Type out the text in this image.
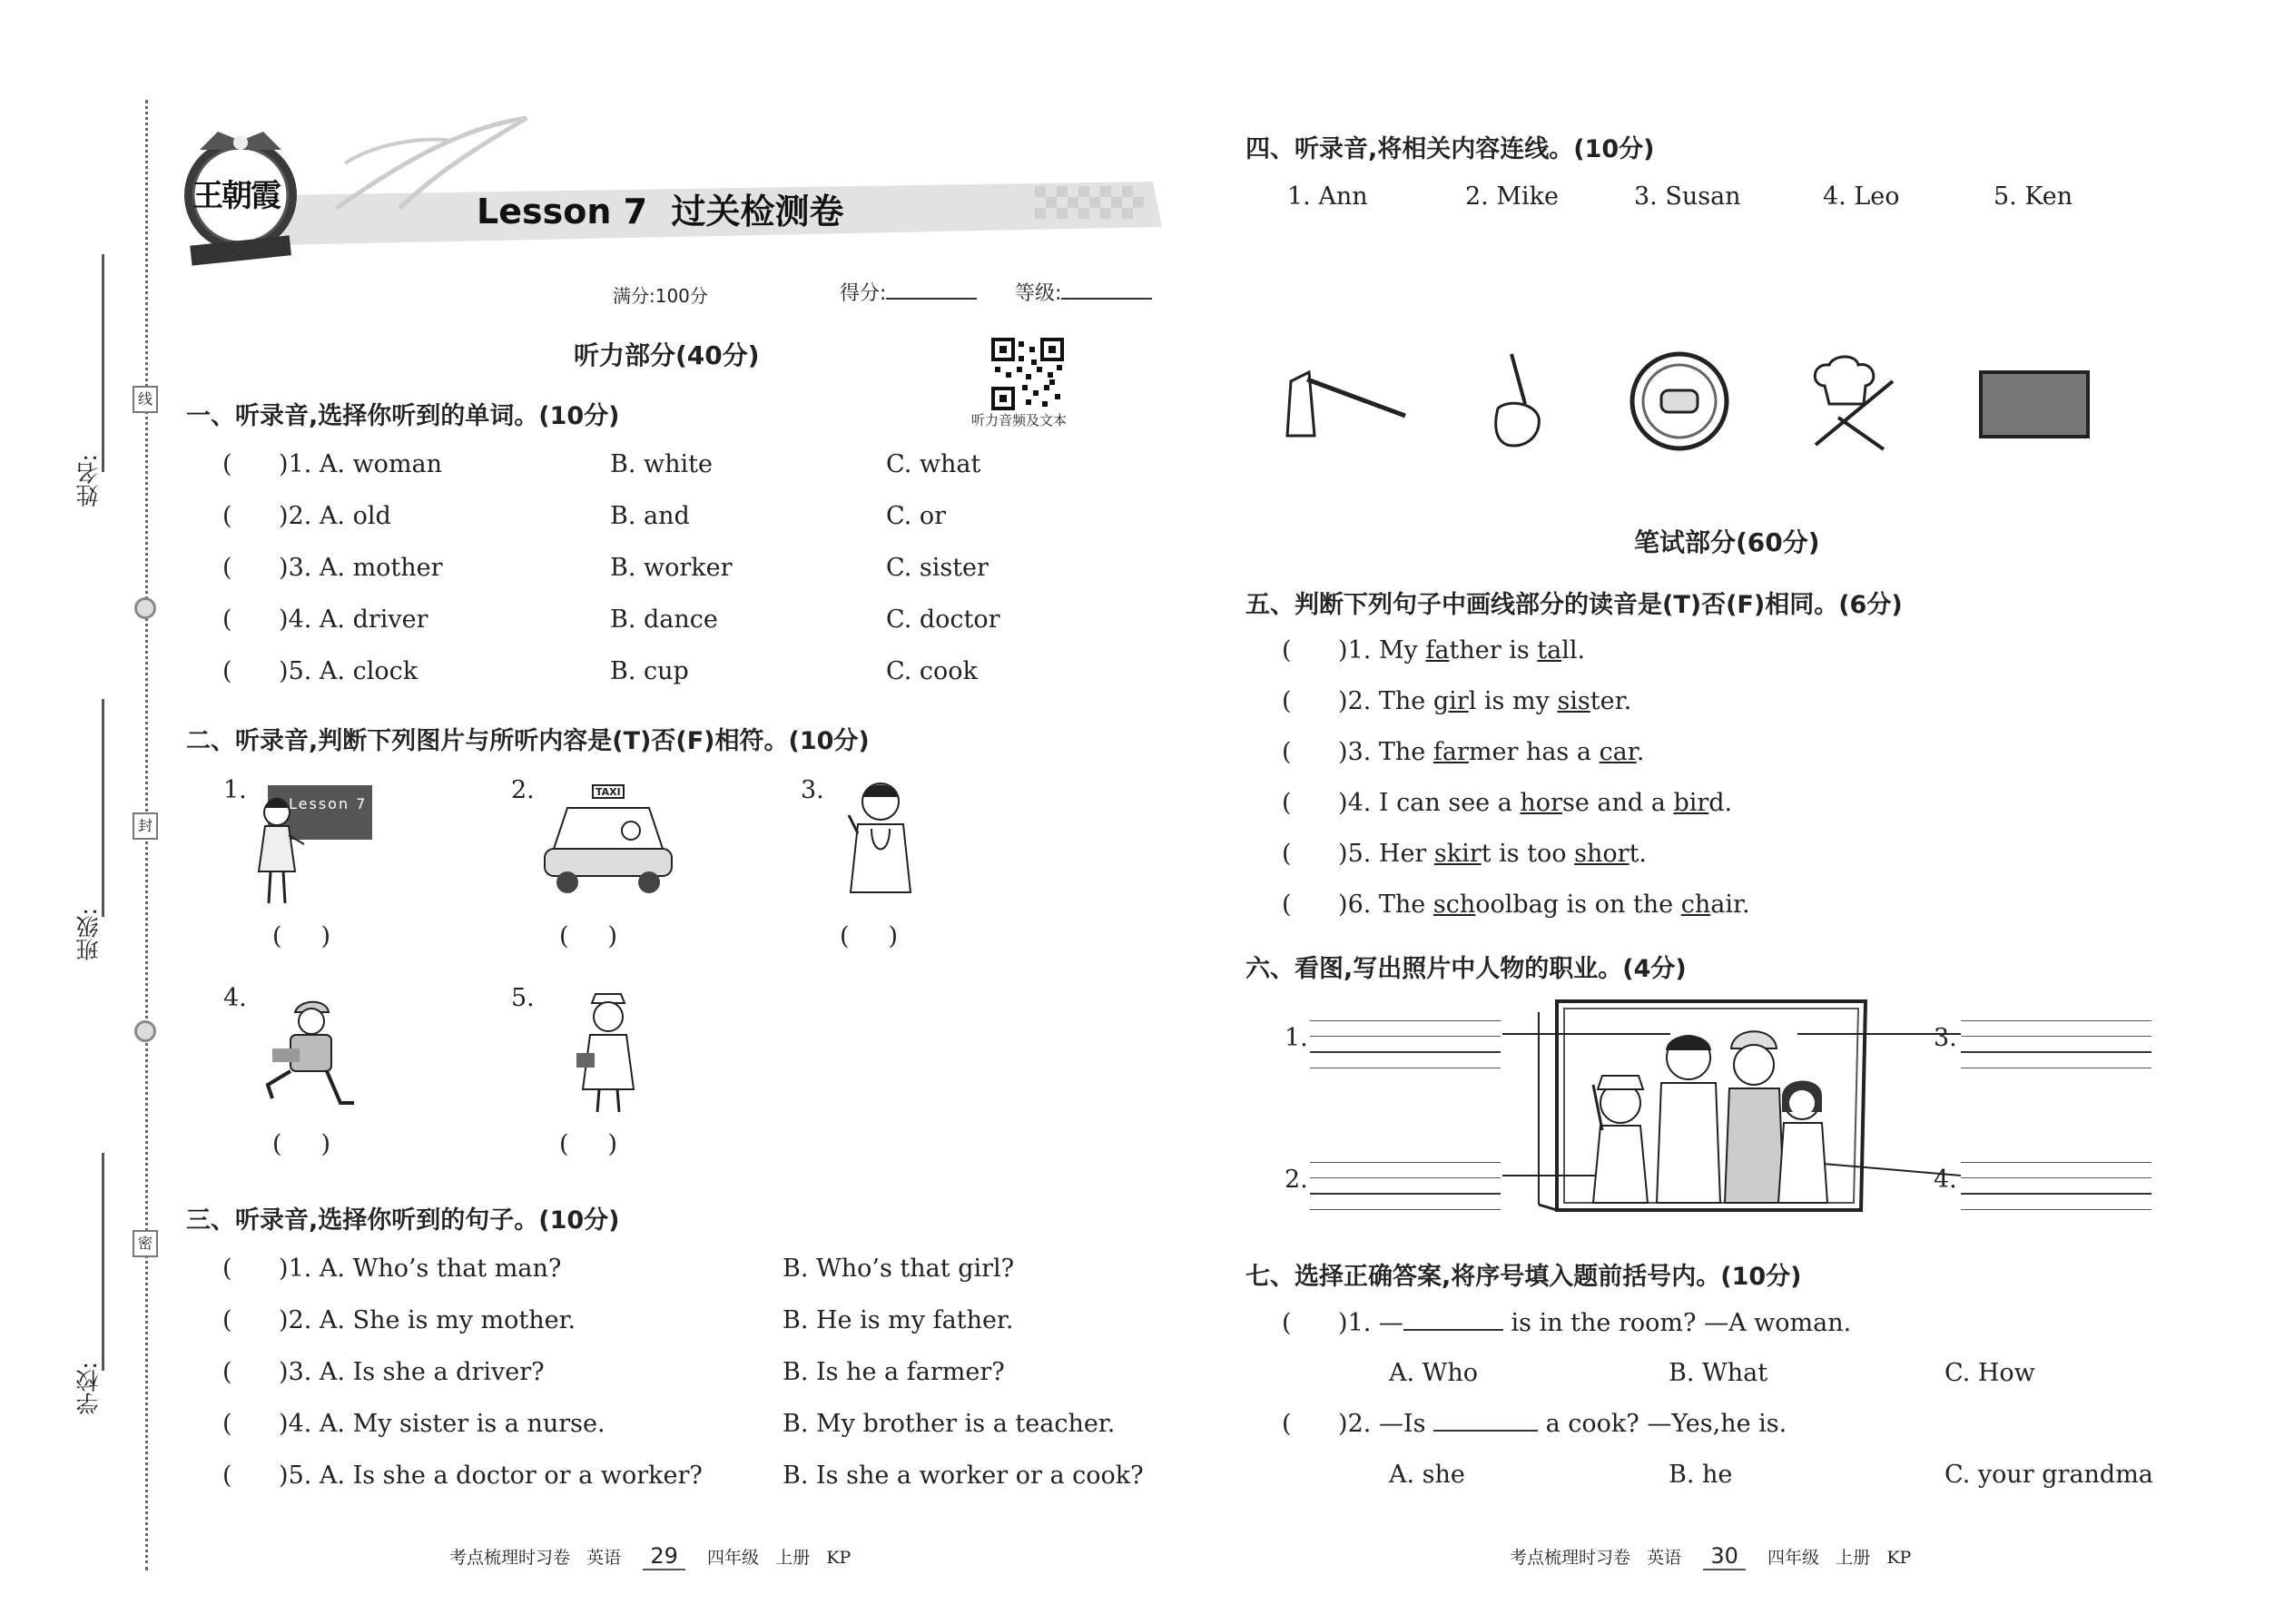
姓名:
班级:
学校:
线
封
密
王朝霞	Lesson 7  过关检测卷
满分:100分	得分:	等级:
听力音频及文本
听力部分(40分)
一、听录音,选择你听到的单词。(10分)
(      )1. A. woman	B. white	C. what
(      )2. A. old	B. and	C. or
(      )3. A. mother	B. worker	C. sister
(      )4. A. driver	B. dance	C. doctor
(      )5. A. clock	B. cup	C. cook
二、听录音,判断下列图片与所听内容是(T)否(F)相符。(10分)
1.	Lesson 7
(     )
2.	TAXI
(     )
3.
(     )
4.
(     )
5.
(     )
三、听录音,选择你听到的句子。(10分)
(      )1. A. Who’s that man?	B. Who’s that girl?
(      )2. A. She is my mother.	B. He is my father.
(      )3. A. Is she a driver?	B. Is he a farmer?
(      )4. A. My sister is a nurse.	B. My brother is a teacher.
(      )5. A. Is she a doctor or a worker?	B. Is she a worker or a cook?
考点梳理时习卷 英语 29 四年级 上册 KP
四、听录音,将相关内容连线。(10分)
1. Ann	2. Mike	3. Susan	4. Leo	5. Ken
笔试部分(60分)
五、判断下列句子中画线部分的读音是(T)否(F)相同。(6分)
(      )1. My father is tall.
(      )2. The girl is my sister.
(      )3. The farmer has a car.
(      )4. I can see a horse and a bird.
(      )5. Her skirt is too short.
(      )6. The schoolbag is on the chair.
六、看图,写出照片中人物的职业。(4分)
1.
2.
3.
4.
七、选择正确答案,将序号填入题前括号内。(10分)
(      )1. —	is in the room? —A woman.
A. Who	B. What	C. How
(      )2. —Is	a cook? —Yes,he is.
A. she	B. he	C. your grandma
考点梳理时习卷 英语 30 四年级 上册 KP
